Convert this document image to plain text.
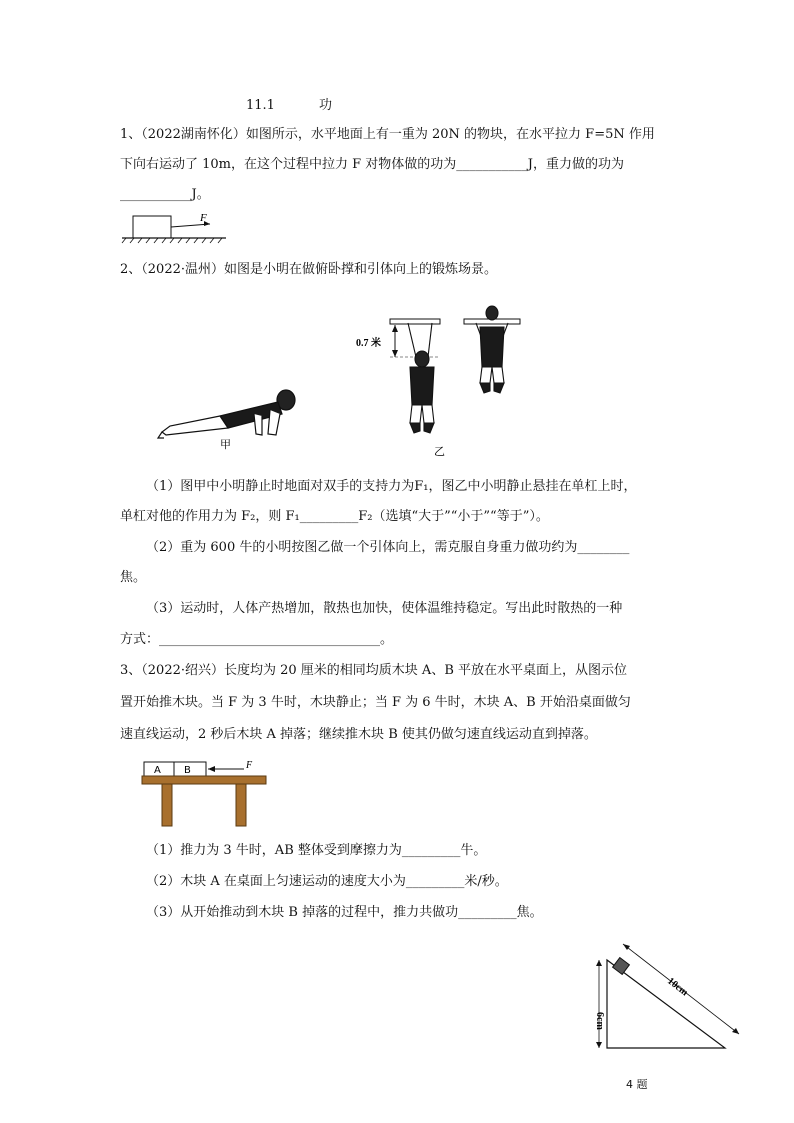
11.1	功
1、（2022湖南怀化）如图所示，水平地面上有一重为 20N 的物块，在水平拉力 F=5N 作用
下向右运动了 10m，在这个过程中拉力 F 对物体做的功为___________J，重力做的功为
___________J。
F
2、（2022·温州）如图是小明在做俯卧撑和引体向上的锻炼场景。
甲
0.7 米
乙
（1）图甲中小明静止时地面对双手的支持力为F₁，图乙中小明静止悬挂在单杠上时，
单杠对他的作用力为 F₂，则 F₁_________F₂（选填“大于”“小于”“等于”）。
（2）重为 600 牛的小明按图乙做一个引体向上，需克服自身重力做功约为________
焦。
（3）运动时，人体产热增加，散热也加快，使体温维持稳定。写出此时散热的一种
方式：__________________________________。
3、（2022·绍兴）长度均为 20 厘米的相同均质木块 A、B 平放在水平桌面上，从图示位
置开始推木块。当 F 为 3 牛时，木块静止；当 F 为 6 牛时，木块 A、B 开始沿桌面做匀
速直线运动，2 秒后木块 A 掉落；继续推木块 B 使其仍做匀速直线运动直到掉落。
A B	F
（1）推力为 3 牛时，AB 整体受到摩擦力为_________牛。
（2）木块 A 在桌面上匀速运动的速度大小为_________米/秒。
（3）从开始推动到木块 B 掉落的过程中，推力共做功_________焦。
6cm
10cm
4 题
